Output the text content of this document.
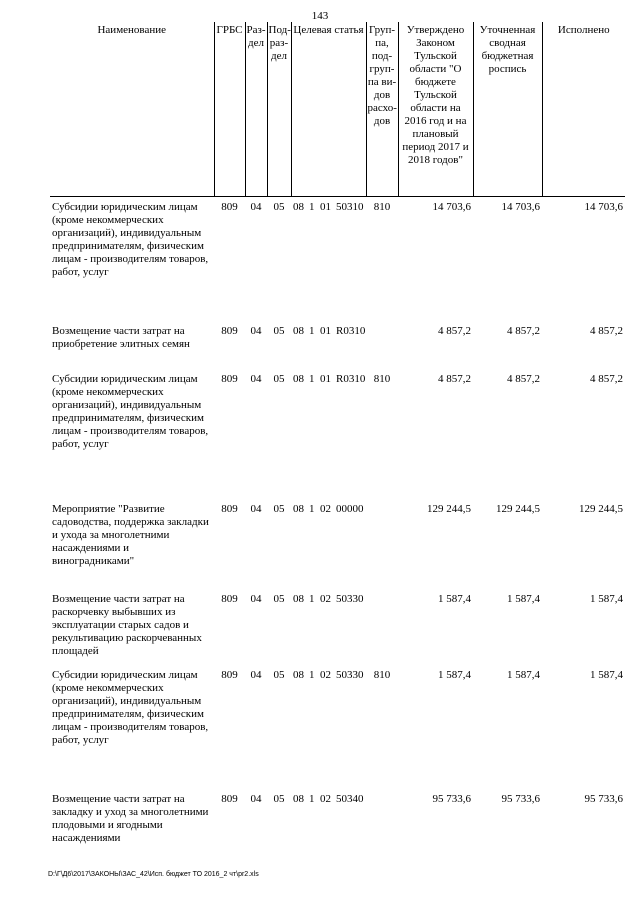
143
Наименование	ГРБС	Раз-дел	Под-раз-дел	Целевая статья	Груп-па, под-груп-па ви-дов расхо-дов	Утверждено Законом Тульской области "О бюджете Тульской области на 2016 год и на плановый период 2017 и 2018 годов"	Уточненная сводная бюджетная роспись	Исполнено
Субсидии юридическим лицам (кроме некоммерческих организаций), индивидуальным предпринимателям, физическим лицам - производителям товаров, работ, услуг	809	04	05	08 1 01 50310	810	14 703,6	14 703,6	14 703,6
Возмещение части затрат на приобретение элитных семян	809	04	05	08 1 01 R0310		4 857,2	4 857,2	4 857,2
Субсидии юридическим лицам (кроме некоммерческих организаций), индивидуальным предпринимателям, физическим лицам - производителям товаров, работ, услуг	809	04	05	08 1 01 R0310	810	4 857,2	4 857,2	4 857,2
Мероприятие "Развитие садоводства, поддержка закладки и ухода за многолетними насаждениями и виноградниками"	809	04	05	08 1 02 00000		129 244,5	129 244,5	129 244,5
Возмещение части затрат на раскорчевку выбывших из эксплуатации старых садов и рекультивацию раскорчеванных площадей	809	04	05	08 1 02 50330		1 587,4	1 587,4	1 587,4
Субсидии юридическим лицам (кроме некоммерческих организаций), индивидуальным предпринимателям, физическим лицам - производителям товаров, работ, услуг	809	04	05	08 1 02 50330	810	1 587,4	1 587,4	1 587,4
Возмещение части затрат на закладку и уход за многолетними плодовыми и ягодными насаждениями	809	04	05	08 1 02 50340		95 733,6	95 733,6	95 733,6
D:\Г\Д6\2017\ЗАКОНЫ\ЗАС_42\Исп. бюджет ТО 2016_2 чт\pr2.xls
